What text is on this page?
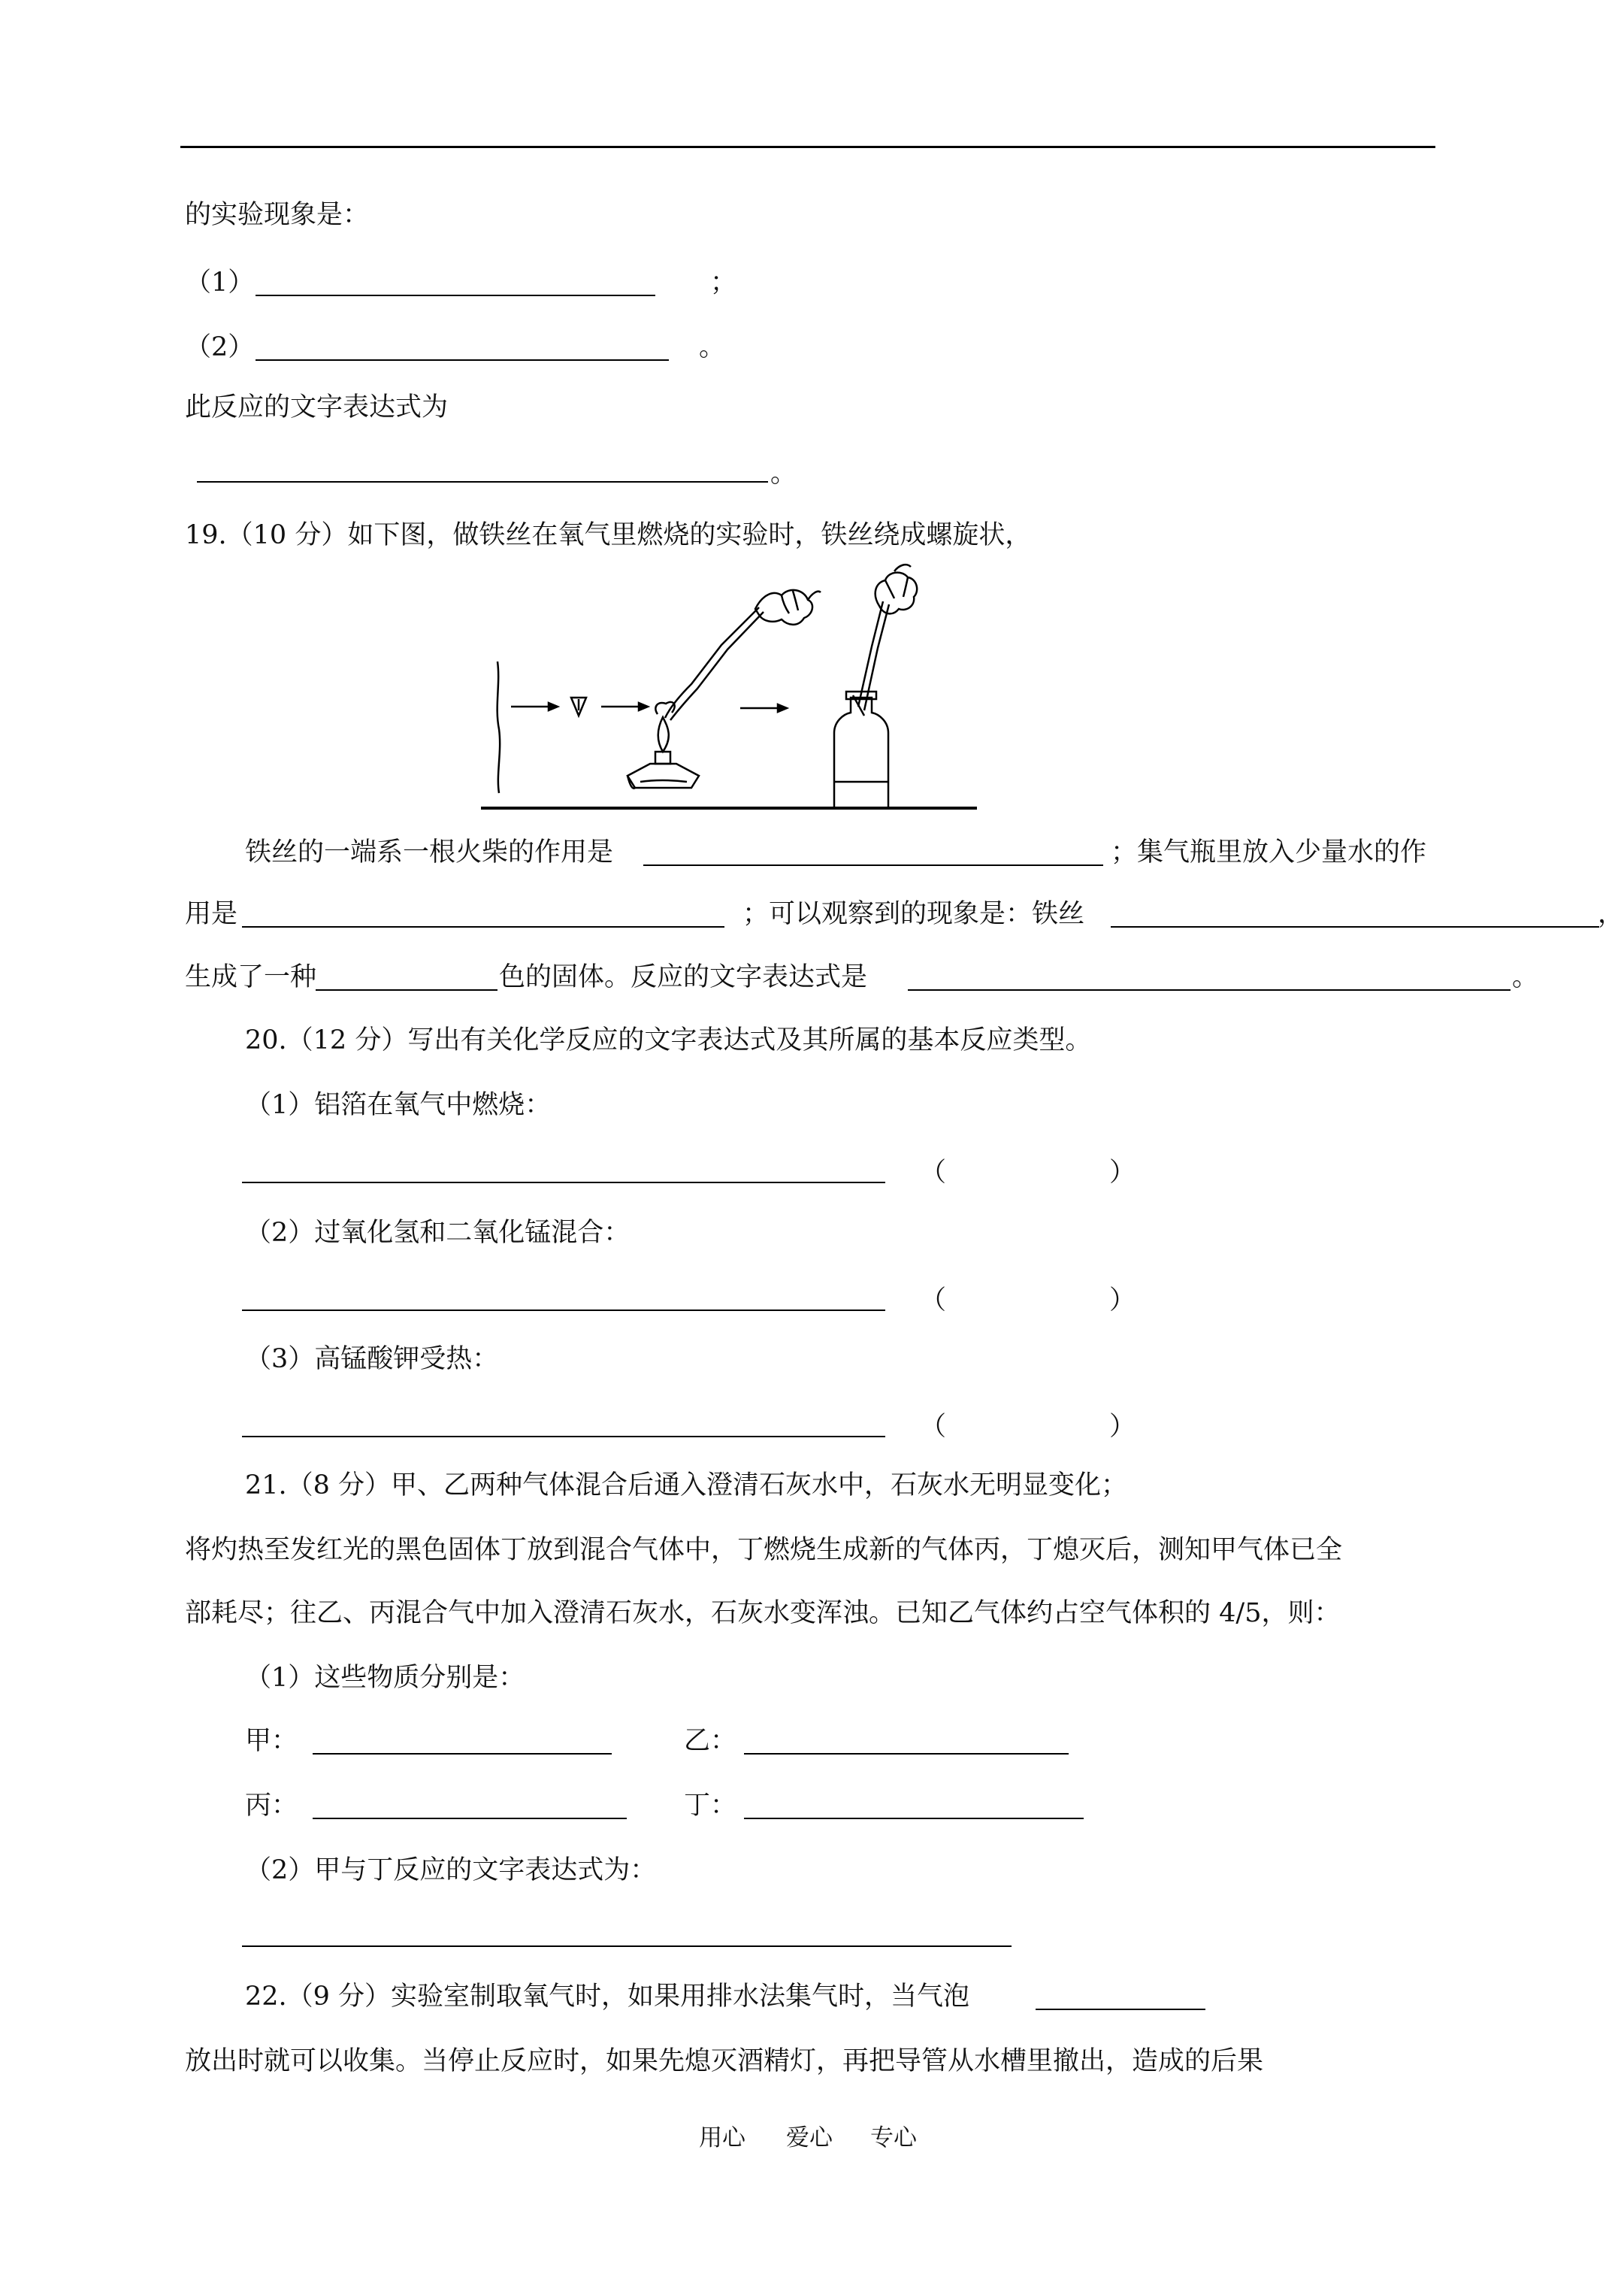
的实验现象是：
（1）	；
（2）	。
此反应的文字表达式为
。
19.（10 分）如下图，做铁丝在氧气里燃烧的实验时，铁丝绕成螺旋状，
铁丝的一端系一根火柴的作用是	；集气瓶里放入少量水的作
用是	；可以观察到的现象是：铁丝	，
生成了一种	色的固体。反应的文字表达式是	。
20.（12 分）写出有关化学反应的文字表达式及其所属的基本反应类型。
（1）铝箔在氧气中燃烧：
（	）
（2）过氧化氢和二氧化锰混合：
（	）
（3）高锰酸钾受热：
（	）
21.（8 分）甲、乙两种气体混合后通入澄清石灰水中，石灰水无明显变化；
将灼热至发红光的黑色固体丁放到混合气体中，丁燃烧生成新的气体丙，丁熄灭后，测知甲气体已全
部耗尽；往乙、丙混合气中加入澄清石灰水，石灰水变浑浊。已知乙气体约占空气体积的 4/5，则：
（1）这些物质分别是：
甲：	乙：
丙：	丁：
（2）甲与丁反应的文字表达式为：
22.（9 分）实验室制取氧气时，如果用排水法集气时，当气泡
放出时就可以收集。当停止反应时，如果先熄灭酒精灯，再把导管从水槽里撤出，造成的后果
用心 爱心 专心
